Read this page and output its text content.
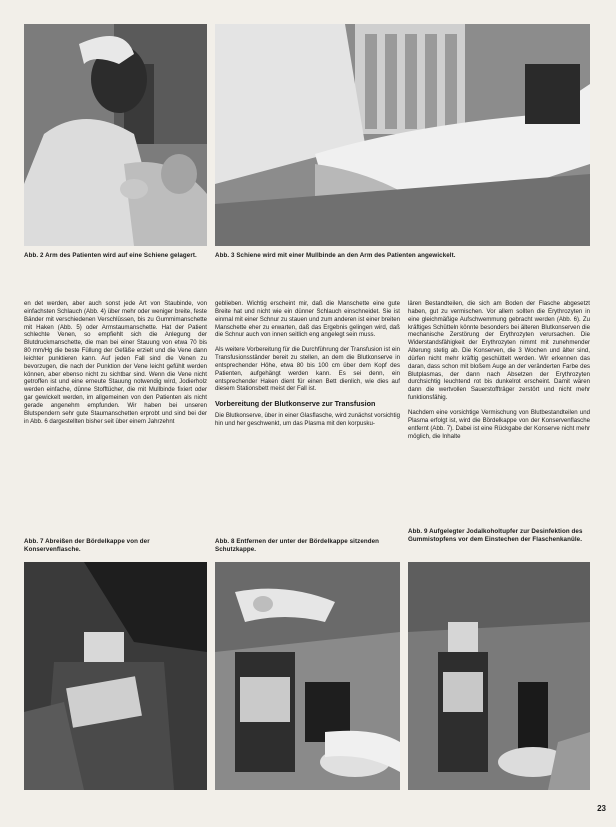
Abb. 2 Arm des Patienten wird auf eine Schiene gelagert.	Abb. 3 Schiene wird mit einer Mullbinde an den Arm des Patienten angewickelt.

en det werden, aber auch sonst jede Art von Staubinde, von einfachsten Schlauch (Abb. 4) über mehr oder weniger breite, feste Bänder mit verschiedenen Verschlüssen, bis zu Gummimanschette mit Haken (Abb. 5) oder Armstaumanschette. Hat der Patient schlechte Venen, so empfiehlt sich die Anlegung der Blutdruckmanschette, die man bei einer Stauung von etwa 70 bis 80 mm/Hg die beste Füllung der Gefäße erzielt und die Vene dann leichter punktieren kann. Auf jeden Fall sind die Venen zu bevorzugen, die nach der Punktion der Vene leicht gefühlt werden können, aber ebenso nicht zu sichtbar sind. Wenn die Vene nicht getroffen ist und eine erneute Stauung notwendig wird, Jodierholz werden einfache, dünne Stofftücher, die mit Mullbinde fixiert oder gar gewickelt werden, im allgemeinen von den Patienten als nicht gerade angenehm empfunden. Wir haben bei unseren Blutspendern sehr gute Staumanschetten erprobt und sind bei der in Abb. 6 dargestellten bisher seit über einem Jahrzehnt

geblieben. Wichtig erscheint mir, daß die Manschette eine gute Breite hat und nicht wie ein dünner Schlauch einschneidet. Sie ist einmal mit einer Schnur zu stauen und zum anderen ist einer breiten Manschette eher zu erwarten, daß das Ergebnis gelingen wird, daß die Schnur auch von innen seitlich eng angelegt sein muss.

Als weitere Vorbereitung für die Durchführung der Transfusion ist ein Transfusionsständer bereit zu stellen, an dem die Blutkonserve in entsprechender Höhe, etwa 80 bis 100 cm über dem Kopf des Patienten, aufgehängt werden kann. Es sei denn, ein entsprechender Haken dient für einen Bett dienlich, wie dies auf diesem Stationsbett meist der Fall ist.

Vorbereitung der Blutkonserve zur Transfusion

Die Blutkonserve, über in einer Glasflasche, wird zunächst vorsichtig hin und her geschwenkt, um das Plasma mit den korpusku-

lären Bestandteilen, die sich am Boden der Flasche abgesetzt haben, gut zu vermischen. Vor allem sollten die Erythrozyten in eine gleichmäßige Aufschwemmung gebracht werden (Abb. 6). Zu kräftiges Schütteln könnte besonders bei älteren Blutkonserven die mechanische Zerstörung der Erythrozyten verursachen. Die Widerstandsfähigkeit der Erythrozyten nimmt mit zunehmender Alterung stetig ab. Die Konserven, die 3 Wochen und älter sind, dürfen nicht mehr kräftig geschüttelt werden. Wir erkennen das daran, dass schon mit bloßem Auge an der veränderten Farbe des Blutplasmas, der dann nach Absetzen der Erythrozyten durchsichtig leuchtend rot bis dunkelrot erscheint. Damit wären dann die wertvollen Sauerstoffträger zerstört und nicht mehr funktionsfähig.

Nachdem eine vorsichtige Vermischung von Blutbestandteilen und Plasma erfolgt ist, wird die Bördelkappe von der Konservenflasche entfernt (Abb. 7). Dabei ist eine Rückgabe der Konserve nicht mehr möglich, die Inhalte

Abb. 7 Abreißen der Bördelkappe von der Konservenflasche.
Abb. 8 Entfernen der unter der Bördelkappe sitzenden Schutzkappe.
Abb. 9 Aufgelegter Jodalkoholtupfer zur Desinfektion des Gummistopfens vor dem Einstechen der Flaschenkanüle.
23
